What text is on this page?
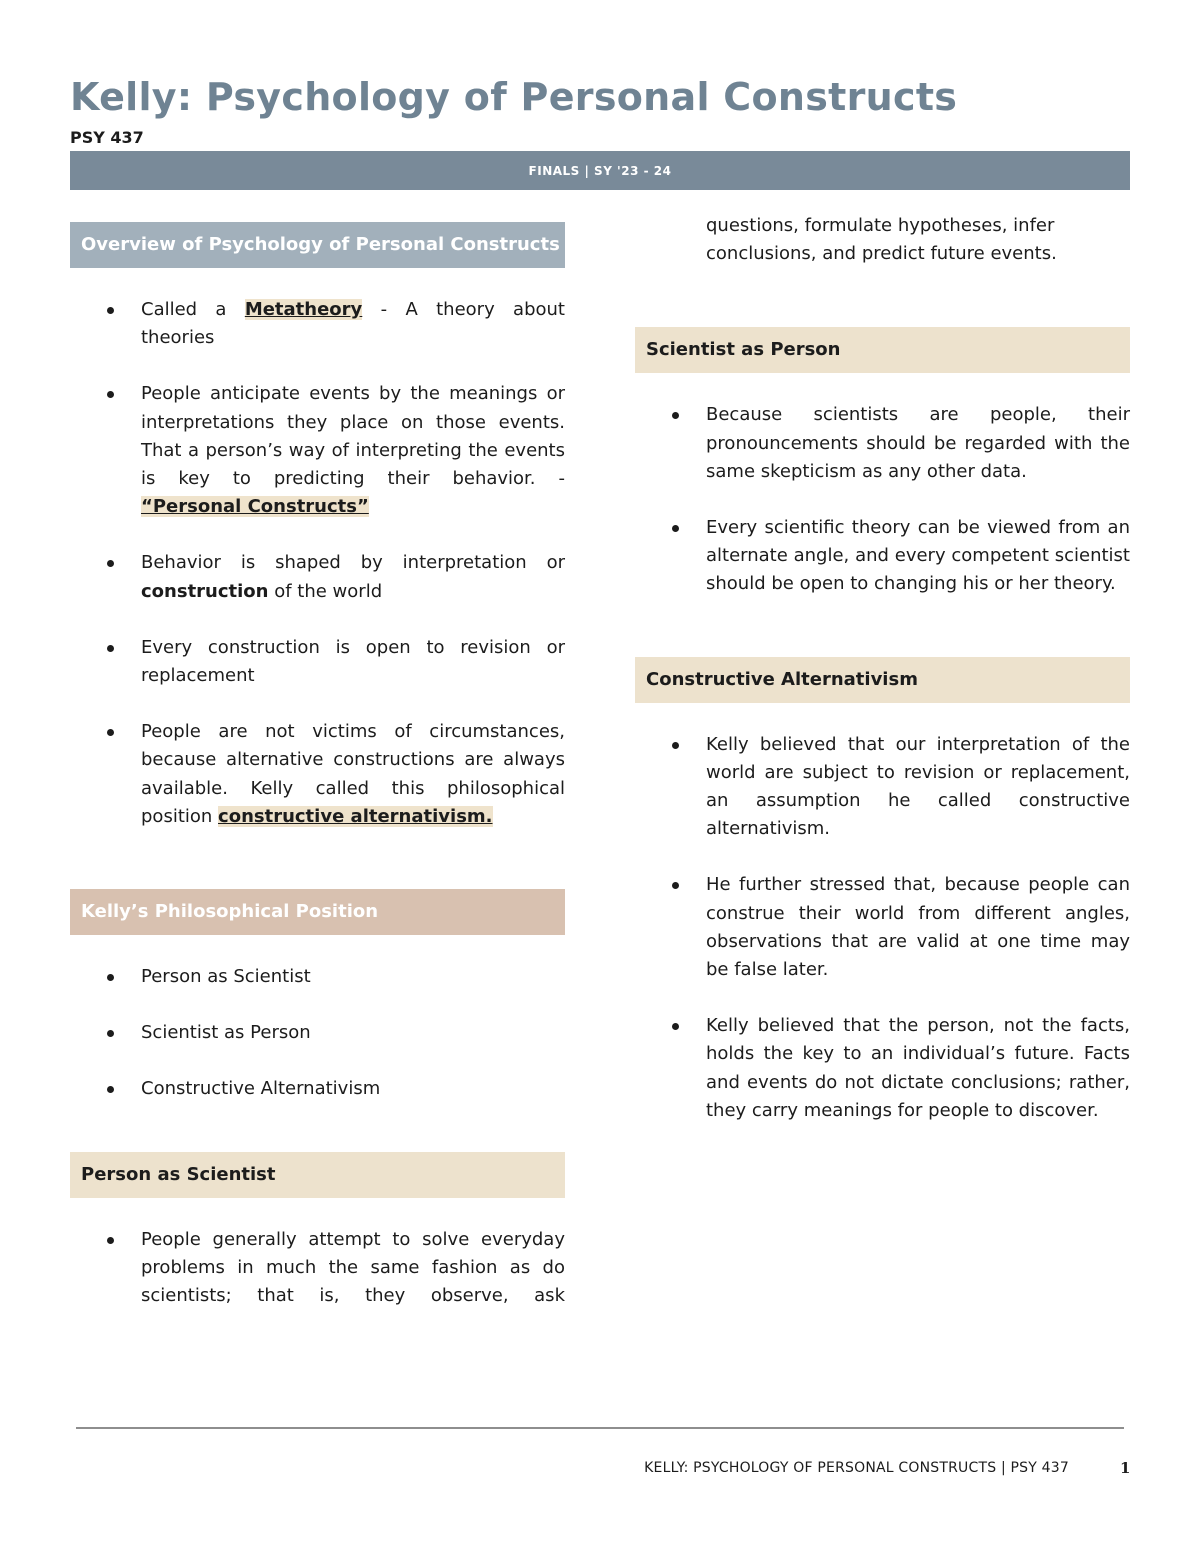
Kelly: Psychology of Personal Constructs

PSY 437

FINALS | SY '23 - 24
Overview of Psychology of Personal Constructs
Called a Metatheory - A theory about theories
People anticipate events by the meanings or interpretations they place on those events. That a person’s way of interpreting the events is key to predicting their behavior. - “Personal Constructs”
Behavior is shaped by interpretation or construction of the world
Every construction is open to revision or replacement
People are not victims of circumstances, because alternative constructions are always available. Kelly called this philosophical position constructive alternativism.
Kelly’s Philosophical Position
Person as Scientist
Scientist as Person
Constructive Alternativism
Person as Scientist
People generally attempt to solve everyday problems in much the same fashion as do scientists; that is, they observe, ask
questions, formulate hypotheses, infer conclusions, and predict future events.
Scientist as Person
Because scientists are people, their pronouncements should be regarded with the same skepticism as any other data.
Every scientific theory can be viewed from an alternate angle, and every competent scientist should be open to changing his or her theory.
Constructive Alternativism
Kelly believed that our interpretation of the world are subject to revision or replacement, an assumption he called constructive alternativism.
He further stressed that, because people can construe their world from different angles, observations that are valid at one time may be false later.
Kelly believed that the person, not the facts, holds the key to an individual’s future. Facts and events do not dictate conclusions; rather, they carry meanings for people to discover.
KELLY: PSYCHOLOGY OF PERSONAL CONSTRUCTS | PSY 437	1
